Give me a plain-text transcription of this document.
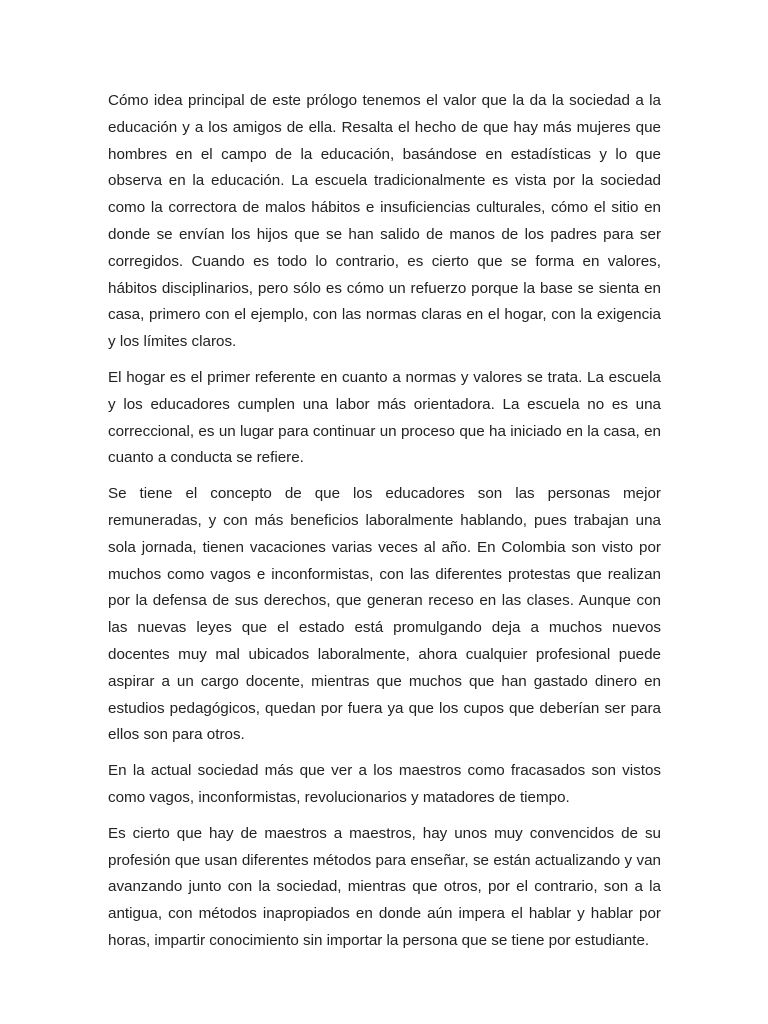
Cómo idea principal de este prólogo tenemos el valor que la da la sociedad a la educación y a los amigos de ella. Resalta el hecho de que hay más mujeres que hombres en el campo de la educación, basándose en estadísticas y lo que observa en la educación. La escuela tradicionalmente es vista por la sociedad como la correctora de malos hábitos e insuficiencias culturales, cómo el sitio en donde se envían los hijos que se han salido de manos de los padres para ser corregidos. Cuando es todo lo contrario, es cierto que se forma en valores, hábitos disciplinarios, pero sólo es cómo un refuerzo porque la base se sienta en casa, primero con el ejemplo, con las normas claras en el hogar, con la exigencia y los límites claros.

El hogar es el primer referente en cuanto a normas y valores se trata. La escuela y los educadores cumplen una labor más orientadora. La escuela no es una correccional, es un lugar para continuar un proceso que ha iniciado en la casa, en cuanto a conducta se refiere.

Se tiene el concepto de que los educadores son las personas mejor remuneradas, y con más beneficios laboralmente hablando, pues trabajan una sola jornada, tienen vacaciones varias veces al año. En Colombia son visto por muchos como vagos e inconformistas, con las diferentes protestas que realizan por la defensa de sus derechos, que generan receso en las clases. Aunque con las nuevas leyes que el estado está promulgando deja a muchos nuevos docentes muy mal ubicados laboralmente, ahora cualquier profesional puede aspirar a un cargo docente, mientras que muchos que han gastado dinero en estudios pedagógicos, quedan por fuera ya que los cupos que deberían ser para ellos son para otros.

En la actual sociedad más que ver a los maestros como fracasados son vistos como vagos, inconformistas, revolucionarios y matadores de tiempo.

Es cierto que hay de maestros a maestros, hay unos muy convencidos de su profesión que usan diferentes métodos para enseñar, se están actualizando y van avanzando junto con la sociedad, mientras que otros, por el contrario, son a la antigua, con métodos inapropiados en donde aún impera el hablar y hablar por horas, impartir conocimiento sin importar la persona que se tiene por estudiante.
